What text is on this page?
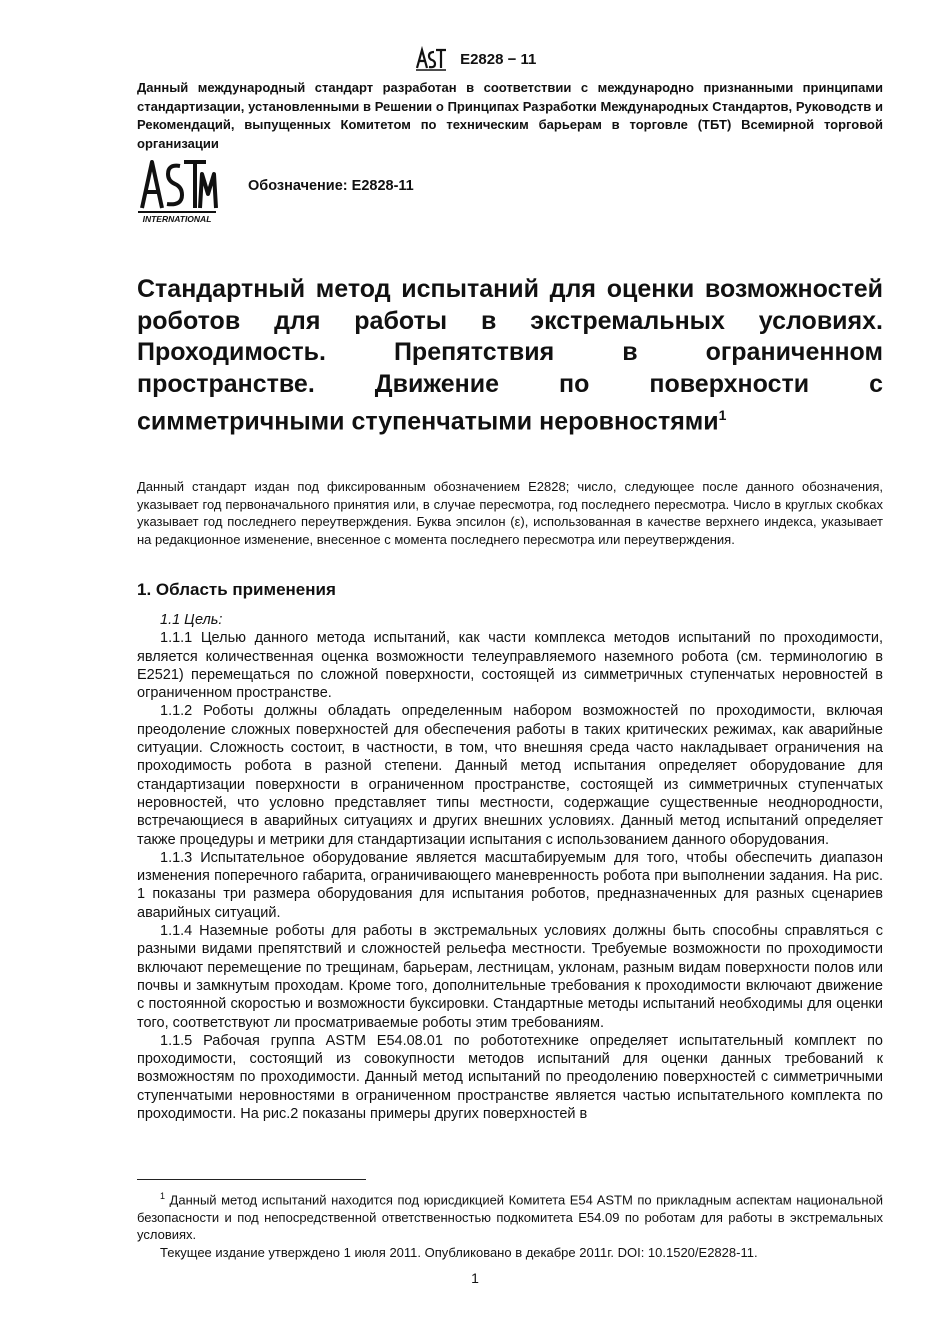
E2828 − 11
Данный международный стандарт разработан в соответствии с международно признанными принципами стандартизации, установленными в Решении о Принципах Разработки Международных Стандартов, Руководств и Рекомендаций, выпущенных Комитетом по техническим барьерам в торговле (ТБТ) Всемирной торговой организации
INTERNATIONAL
Обозначение: E2828-11
Стандартный метод испытаний для оценки возможностей роботов для работы в экстремальных условиях. Проходимость. Препятствия в ограниченном пространстве. Движение по поверхности с симметричными ступенчатыми неровностями$^1$
Данный стандарт издан под фиксированным обозначением E2828; число, следующее после данного обозначения, указывает год первоначального принятия или, в случае пересмотра, год последнего пересмотра. Число в круглых скобках указывает год последнего переутверждения. Буква эпсилон (ε), использованная в качестве верхнего индекса, указывает на редакционное изменение, внесенное с момента последнего пересмотра или переутверждения.
1. Область применения

1.1 Цель:

1.1.1 Целью данного метода испытаний, как части комплекса методов испытаний по проходимости, является количественная оценка возможности телеуправляемого наземного робота (см. терминологию в E2521) перемещаться по сложной поверхности, состоящей из симметричных ступенчатых неровностей в ограниченном пространстве.

1.1.2 Роботы должны обладать определенным набором возможностей по проходимости, включая преодоление сложных поверхностей для обеспечения работы в таких критических режимах, как аварийные ситуации. Сложность состоит, в частности, в том, что внешняя среда часто накладывает ограничения на проходимость робота в разной степени. Данный метод испытания определяет оборудование для стандартизации поверхности в ограниченном пространстве, состоящей из симметричных ступенчатых неровностей, что условно представляет типы местности, содержащие существенные неоднородности, встречающиеся в аварийных ситуациях и других внешних условиях. Данный метод испытаний определяет также процедуры и метрики для стандартизации испытания с использованием данного оборудования.

1.1.3 Испытательное оборудование является масштабируемым для того, чтобы обеспечить диапазон изменения поперечного габарита, ограничивающего маневренность робота при выполнении задания. На рис. 1 показаны три размера оборудования для испытания роботов, предназначенных для разных сценариев аварийных ситуаций.

1.1.4 Наземные роботы для работы в экстремальных условиях должны быть способны справляться с разными видами препятствий и сложностей рельефа местности. Требуемые возможности по проходимости включают перемещение по трещинам, барьерам, лестницам, уклонам, разным видам поверхности полов или почвы и замкнутым проходам. Кроме того, дополнительные требования к проходимости включают движение с постоянной скоростью и возможности буксировки. Стандартные методы испытаний необходимы для оценки того, соответствуют ли просматриваемые роботы этим требованиям.

1.1.5 Рабочая группа ASTM E54.08.01 по робототехнике определяет испытательный комплект по проходимости, состоящий из совокупности методов испытаний для оценки данных требований к возможностям по проходимости. Данный метод испытаний по преодолению поверхностей с симметричными ступенчатыми неровностями в ограниченном пространстве является частью испытательного комплекта по проходимости. На рис.2 показаны примеры других поверхностей в

$^1$ Данный метод испытаний находится под юрисдикцией Комитета E54 ASTM по прикладным аспектам национальной безопасности и под непосредственной ответственностью подкомитета E54.09 по роботам для работы в экстремальных условиях.

Текущее издание утверждено 1 июля 2011. Опубликовано в декабре 2011г. DOI: 10.1520/E2828-11.

1
